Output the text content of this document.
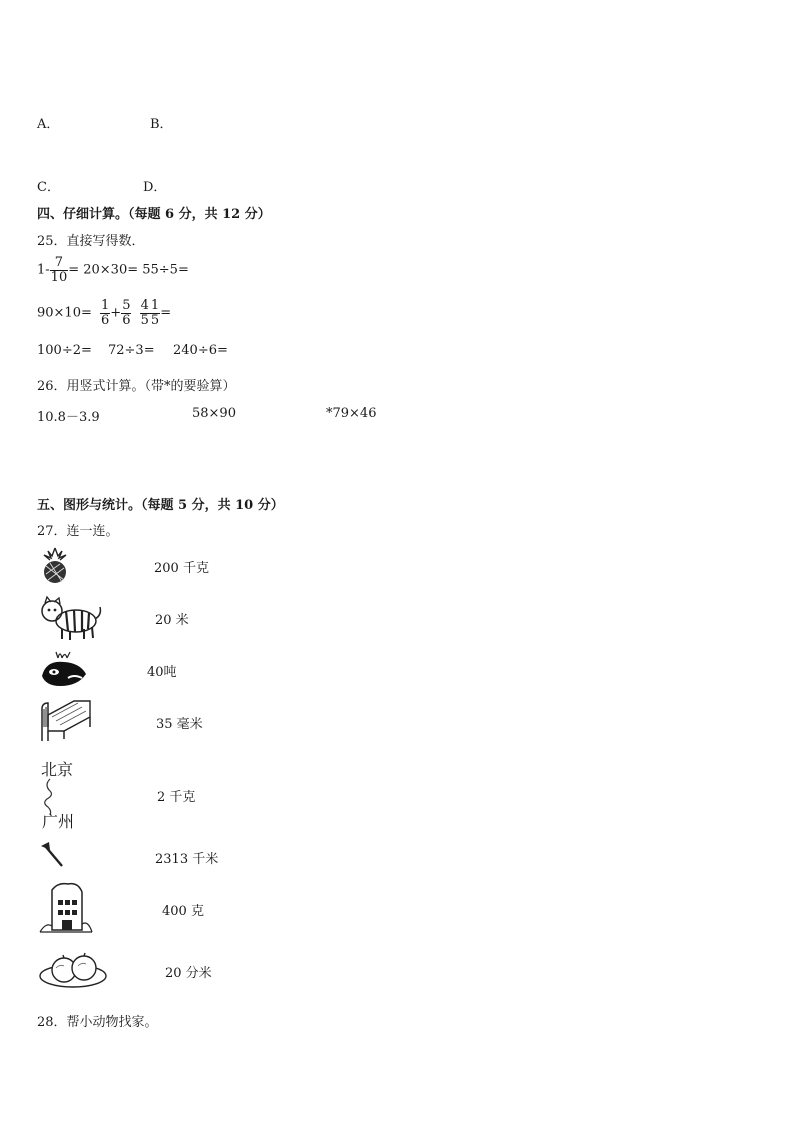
A．	B．
C．	D．
四、仔细计算。（每题 6 分，共 12 分）
25．直接写得数．
$1- \frac{7}{10} = 20\times 30= 55\div 5=$
$90\times 10= \frac{1}{6} + \frac{5}{6}$
$\frac{4}{5} \frac{1}{5}$ =
100÷2= 72÷3= 240÷6=
26．用竖式计算。（带*的要验算）
10.8－3.9	58×90	*79×46
五、图形与统计。（每题 5 分，共 10 分）
27．连一连。
北京
广州
200 千克
20 米
40吨
35 毫米
2 千克
2313 千米
400 克
20 分米
28．帮小动物找家。
